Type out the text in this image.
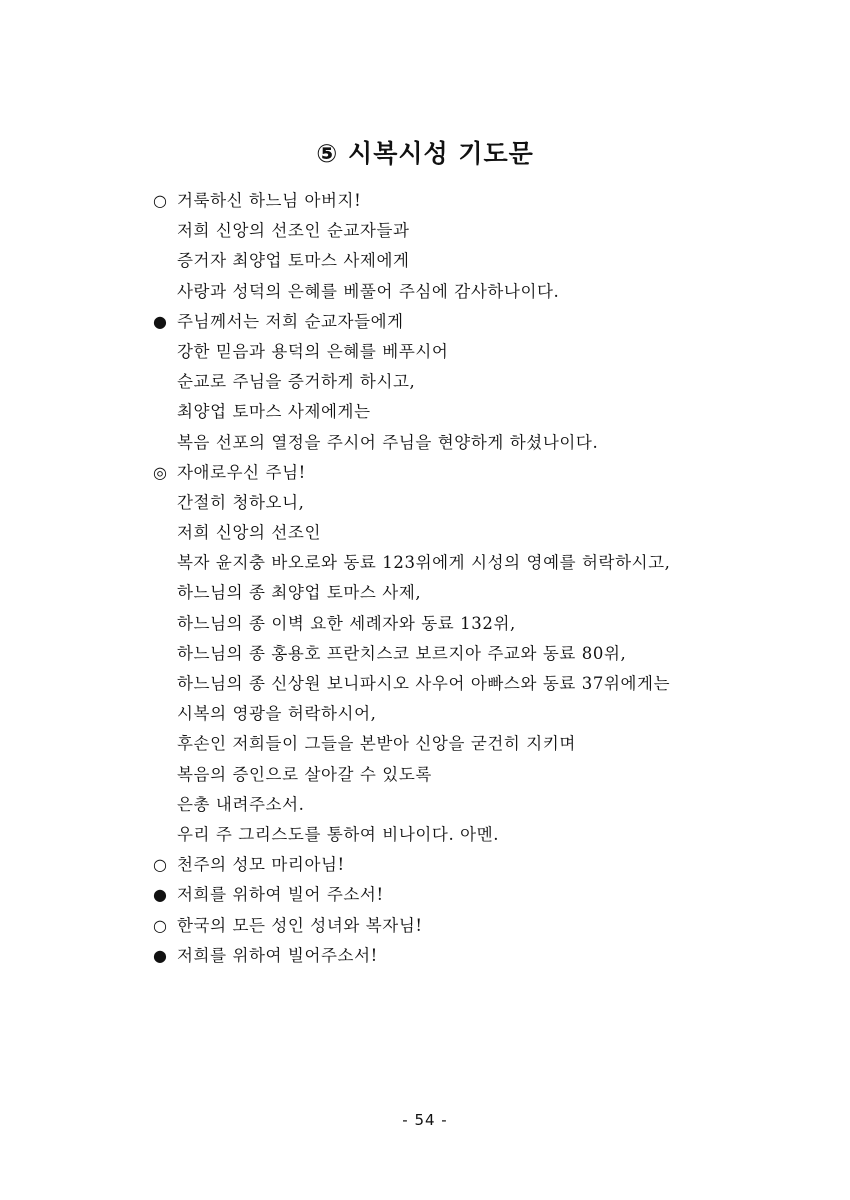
⑤ 시복시성 기도문
○ 거룩하신 하느님 아버지!
저희 신앙의 선조인 순교자들과
증거자 최양업 토마스 사제에게
사랑과 성덕의 은혜를 베풀어 주심에 감사하나이다.
● 주님께서는 저희 순교자들에게
강한 믿음과 용덕의 은혜를 베푸시어
순교로 주님을 증거하게 하시고,
최양업 토마스 사제에게는
복음 선포의 열정을 주시어 주님을 현양하게 하셨나이다.
◎ 자애로우신 주님!
간절히 청하오니,
저희 신앙의 선조인
복자 윤지충 바오로와 동료 123위에게 시성의 영예를 허락하시고,
하느님의 종 최양업 토마스 사제,
하느님의 종 이벽 요한 세례자와 동료 132위,
하느님의 종 홍용호 프란치스코 보르지아 주교와 동료 80위,
하느님의 종 신상원 보니파시오 사우어 아빠스와 동료 37위에게는
시복의 영광을 허락하시어,
후손인 저희들이 그들을 본받아 신앙을 굳건히 지키며
복음의 증인으로 살아갈 수 있도록
은총 내려주소서.
우리 주 그리스도를 통하여 비나이다. 아멘.
○ 천주의 성모 마리아님!
● 저희를 위하여 빌어 주소서!
○ 한국의 모든 성인 성녀와 복자님!
● 저희를 위하여 빌어주소서!
- 54 -
